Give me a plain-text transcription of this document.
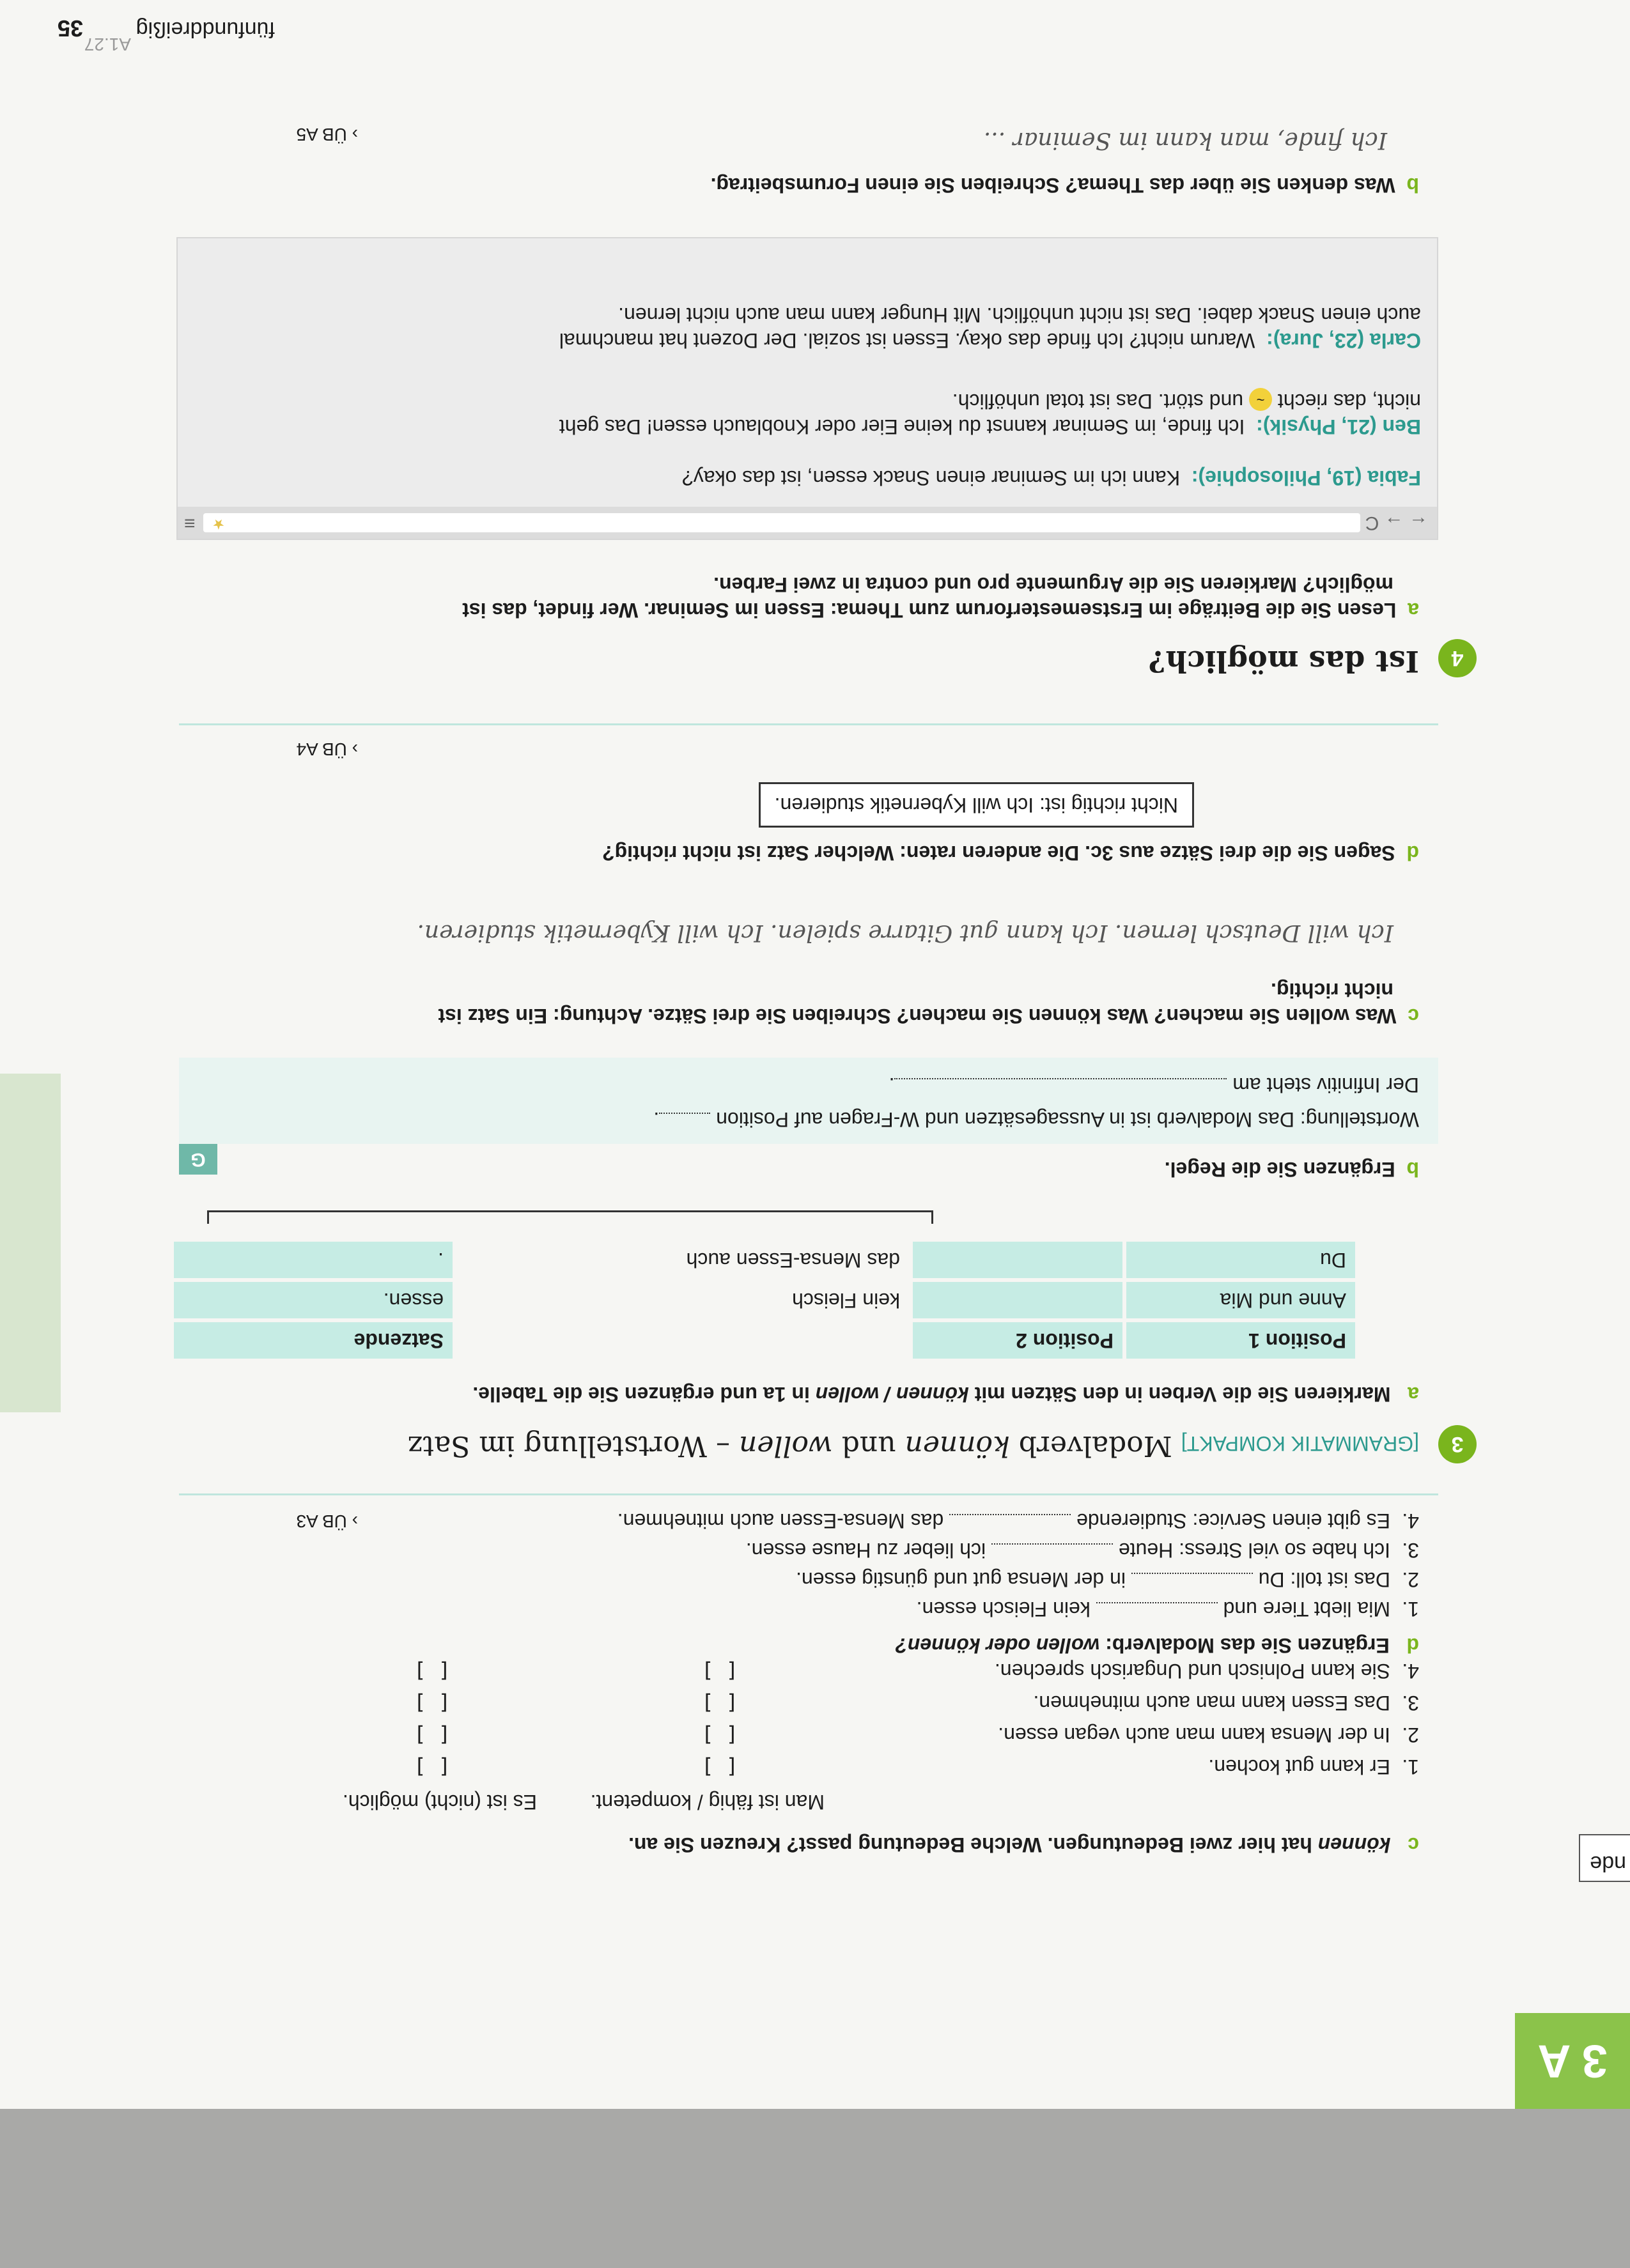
3 A
nde
c   können hat hier zwei Bedeutungen. Welche Bedeutung passt? Kreuzen Sie an.
Man ist fähig / kompetent.
Es ist (nicht) möglich.
1.
Er kann gut kochen.
[ ]
[ ]
2.
In der Mensa kann man auch vegan essen.
[ ]
[ ]
3.
Das Essen kann man auch mitnehmen.
[ ]
[ ]
4.
Sie kann Polnisch und Ungarisch sprechen.
[ ]
[ ]
d   Ergänzen Sie das Modalverb: wollen oder können?
1.Mia liebt Tiere und  kein Fleisch essen.
2.Das ist toll: Du  in der Mensa gut und günstig essen.
3.Ich habe so viel Stress: Heute  ich lieber zu Hause essen.
4.Es gibt einen Service: Studierende  das Mensa-Essen auch mitnehmen.
› ÜB A3
3
[GRAMMATIK KOMPAKT] Modalverb können und wollen – Wortstellung im Satz
a   Markieren Sie die Verben in den Sätzen mit können / wollen in 1a und ergänzen Sie die Tabelle.
Position 1	Position 2		Satzende
Anne und Mia		kein Fleisch	essen.
Du		das Mensa-Essen auch	.
b  Ergänzen Sie die Regel.
G
Wortstellung: Das Modalverb ist in Aussagesätzen und W-Fragen auf Position .
Der Infinitiv steht am .
c  Was wollen Sie machen? Was können Sie machen? Schreiben Sie drei Sätze. Achtung: Ein Satz ist
nicht richtig.
Ich will Deutsch lernen. Ich kann gut Gitarre spielen. Ich will Kybernetik studieren.
d  Sagen Sie die drei Sätze aus 3c. Die anderen raten: Welcher Satz ist nicht richtig?
Nicht richtig ist: Ich will Kybernetik studieren.
› ÜB A4
4
Ist das möglich?
a  Lesen Sie die Beiträge im Erstsemesterforum zum Thema: Essen im Seminar. Wer findet, das ist
möglich? Markieren Sie die Argumente pro und contra in zwei Farben.
← → C
★
≡
Fabia (19, Philosophie):  Kann ich im Seminar einen Snack essen, ist das okay?
Ben (21, Physik):  Ich finde, im Seminar kannst du keine Eier oder Knoblauch essen! Das geht
nicht, das riecht ~ und stört. Das ist total unhöflich.
Carla (23, Jura):  Warum nicht? Ich finde das okay. Essen ist sozial. Der Dozent hat manchmal
auch einen Snack dabei. Das ist nicht unhöflich. Mit Hunger kann man auch nicht lernen.
b  Was denken Sie über das Thema? Schreiben Sie einen Forumsbeitrag.
Ich finde, man kann im Seminar ...
› ÜB A5
A1.27
fünfunddreißig
35
